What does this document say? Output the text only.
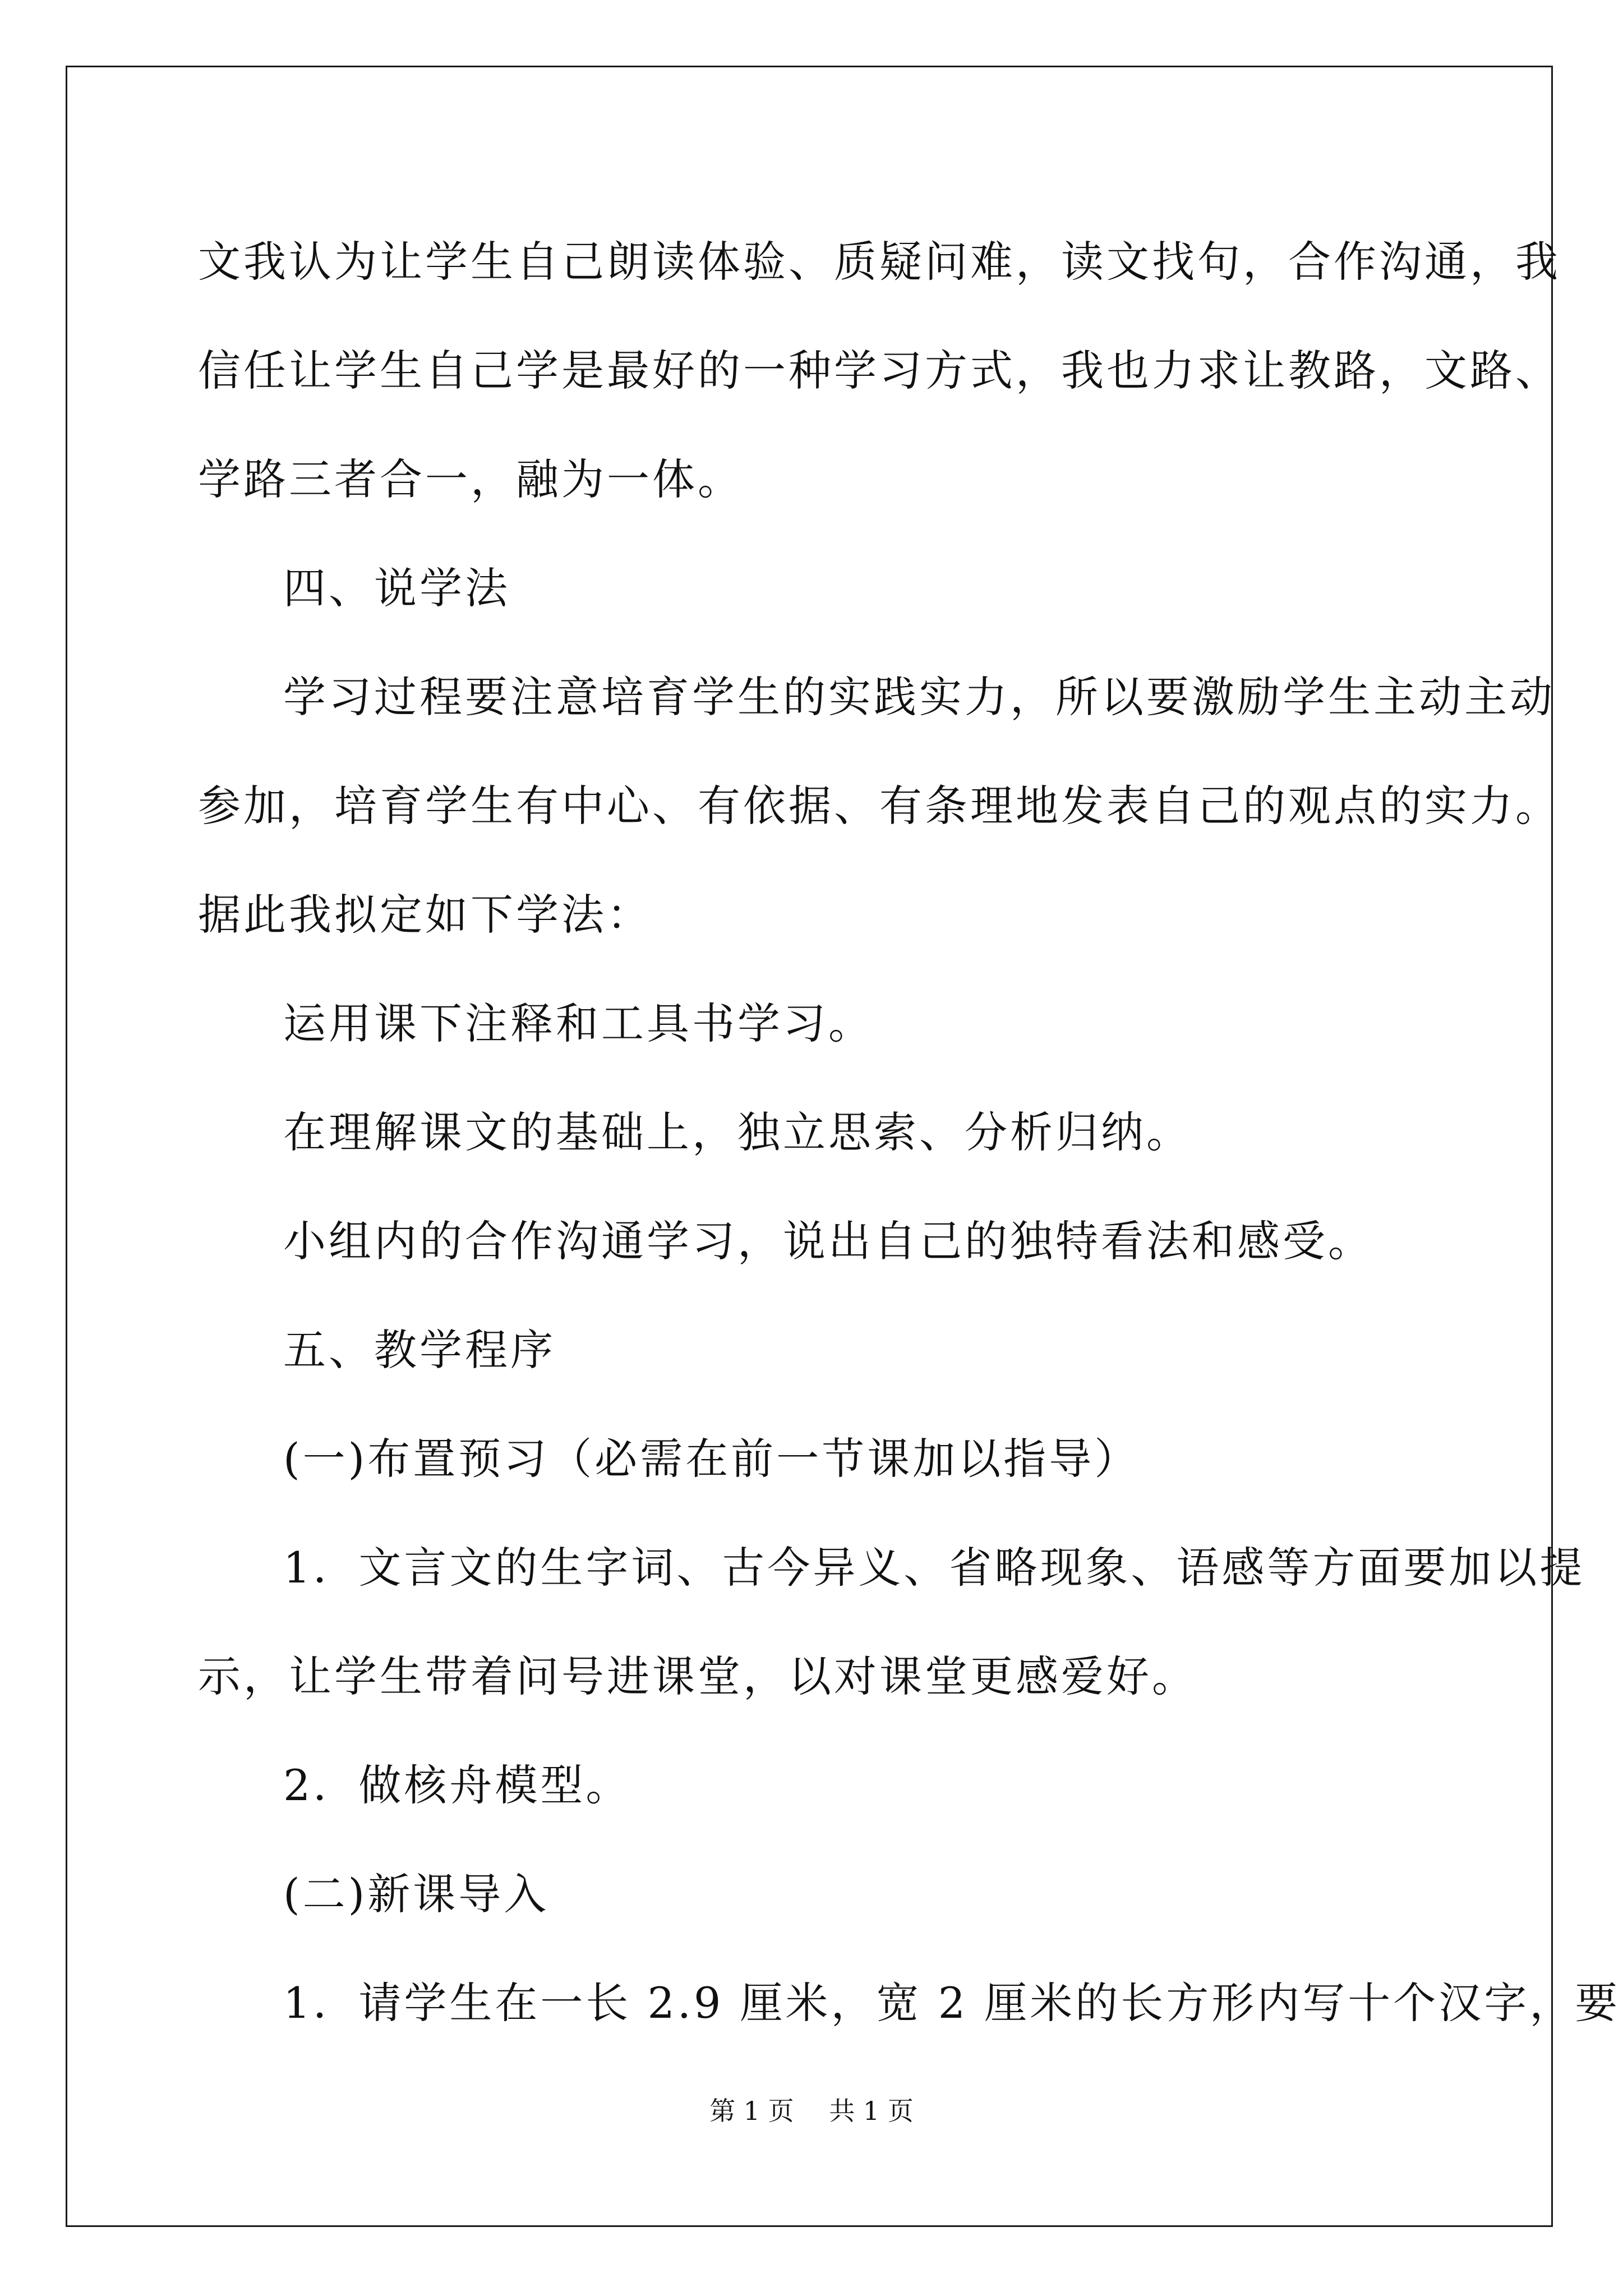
文我认为让学生自己朗读体验、质疑问难，读文找句，合作沟通，我

信任让学生自己学是最好的一种学习方式，我也力求让教路，文路、

学路三者合一，融为一体。

四、说学法

学习过程要注意培育学生的实践实力，所以要激励学生主动主动

参加，培育学生有中心、有依据、有条理地发表自己的观点的实力。

据此我拟定如下学法：

运用课下注释和工具书学习。

在理解课文的基础上，独立思索、分析归纳。

小组内的合作沟通学习，说出自己的独特看法和感受。

五、教学程序

(一)布置预习（必需在前一节课加以指导）

1．文言文的生字词、古今异义、省略现象、语感等方面要加以提

示，让学生带着问号进课堂，以对课堂更感爱好。

2．做核舟模型。

(二)新课导入

1．请学生在一长 2.9 厘米，宽 2 厘米的长方形内写十个汉字，要

第 1 页 共 1 页
